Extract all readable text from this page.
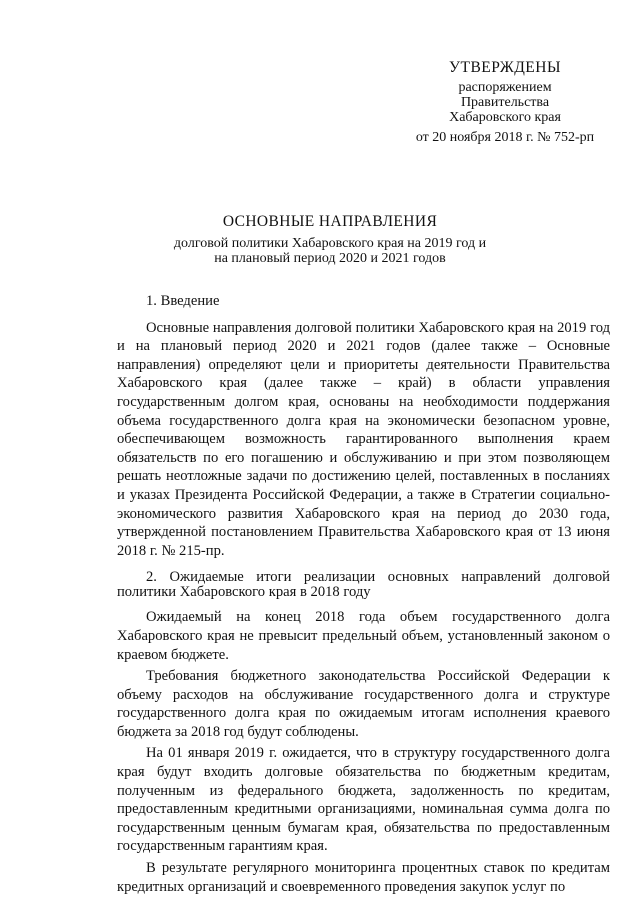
УТВЕРЖДЕНЫ
распоряжением
Правительства
Хабаровского края
от 20 ноября 2018 г. № 752-рп
ОСНОВНЫЕ НАПРАВЛЕНИЯ
долговой политики Хабаровского края на 2019 год и
на плановый период 2020 и 2021 годов

1. Введение

Основные направления долговой политики Хабаровского края на 2019 год и на плановый период 2020 и 2021 годов (далее также – Основные направления) определяют цели и приоритеты деятельности Правительства Хабаровского края (далее также – край) в области управления государственным долгом края, основаны на необходимости поддержания объема государственного долга края на экономически безопасном уровне, обеспечивающем возможность гарантированного выполнения краем обязательств по его погашению и обслуживанию и при этом позволяющем решать неотложные задачи по достижению целей, поставленных в посланиях и указах Президента Российской Федерации, а также в Стратегии социально-экономического развития Хабаровского края на период до 2030 года, утвержденной постановлением Правительства Хабаровского края от 13 июня 2018 г. № 215-пр.

2. Ожидаемые итоги реализации основных направлений долговой политики Хабаровского края в 2018 году

Ожидаемый на конец 2018 года объем государственного долга Хабаровского края не превысит предельный объем, установленный законом о краевом бюджете.

Требования бюджетного законодательства Российской Федерации к объему расходов на обслуживание государственного долга и структуре государственного долга края по ожидаемым итогам исполнения краевого бюджета за 2018 год будут соблюдены.

На 01 января 2019 г. ожидается, что в структуру государственного долга края будут входить долговые обязательства по бюджетным кредитам, полученным из федерального бюджета, задолженность по кредитам, предоставленным кредитными организациями, номинальная сумма долга по государственным ценным бумагам края, обязательства по предоставленным государственным гарантиям края.

В результате регулярного мониторинга процентных ставок по кредитам кредитных организаций и своевременного проведения закупок услуг по
